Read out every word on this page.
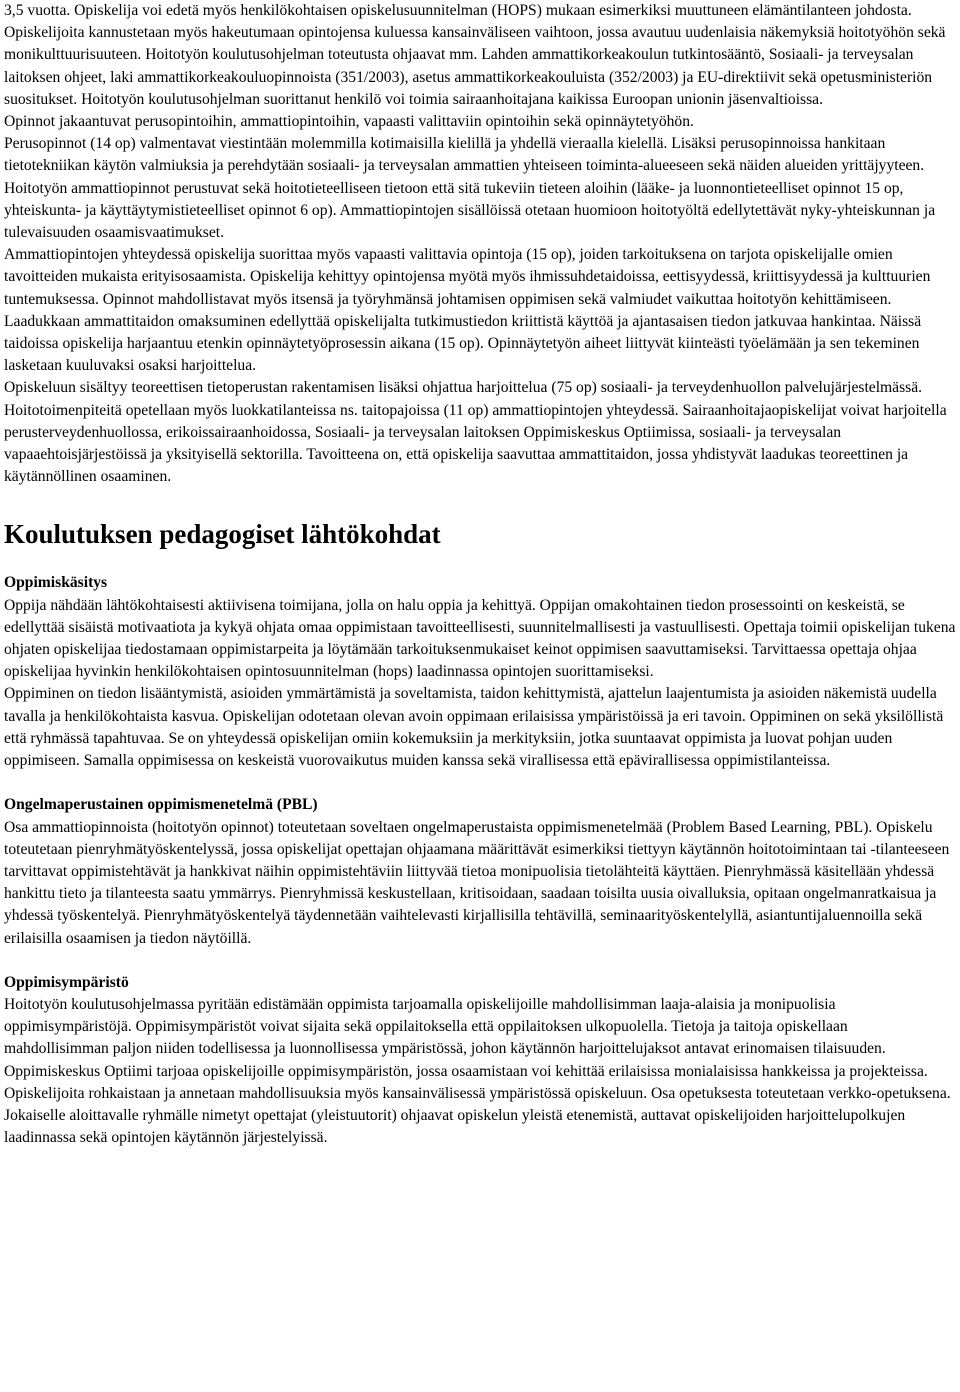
3,5 vuotta. Opiskelija voi edetä myös henkilökohtaisen opiskelusuunnitelman (HOPS) mukaan esimerkiksi muuttuneen elämäntilanteen johdosta. Opiskelijoita kannustetaan myös hakeutumaan opintojensa kuluessa kansainväliseen vaihtoon, jossa avautuu uudenlaisia näkemyksiä hoitotyöhön sekä monikulttuurisuuteen. Hoitotyön koulutusohjelman toteutusta ohjaavat mm. Lahden ammattikorkeakoulun tutkintosääntö, Sosiaali- ja terveysalan laitoksen ohjeet, laki ammattikorkeakouluopinnoista (351/2003), asetus ammattikorkeakouluista (352/2003) ja EU-direktiivit sekä opetusministeriön suositukset. Hoitotyön koulutusohjelman suorittanut henkilö voi toimia sairaanhoitajana kaikissa Euroopan unionin jäsenvaltioissa.

Opinnot jakaantuvat perusopintoihin, ammattiopintoihin, vapaasti valittaviin opintoihin sekä opinnäytetyöhön.

Perusopinnot (14 op) valmentavat viestintään molemmilla kotimaisilla kielillä ja yhdellä vieraalla kielellä. Lisäksi perusopinnoissa hankitaan tietotekniikan käytön valmiuksia ja perehdytään sosiaali- ja terveysalan ammattien yhteiseen toiminta-alueeseen sekä näiden alueiden yrittäjyyteen.

Hoitotyön ammattiopinnot perustuvat sekä hoitotieteelliseen tietoon että sitä tukeviin tieteen aloihin (lääke- ja luonnontieteelliset opinnot 15 op, yhteiskunta- ja käyttäytymistieteelliset opinnot 6 op). Ammattiopintojen sisällöissä otetaan huomioon hoitotyöltä edellytettävät nyky-yhteiskunnan ja tulevaisuuden osaamisvaatimukset.

Ammattiopintojen yhteydessä opiskelija suorittaa myös vapaasti valittavia opintoja (15 op), joiden tarkoituksena on tarjota opiskelijalle omien tavoitteiden mukaista erityisosaamista. Opiskelija kehittyy opintojensa myötä myös ihmissuhdetaidoissa, eettisyydessä, kriittisyydessä ja kulttuurien tuntemuksessa. Opinnot mahdollistavat myös itsensä ja työryhmänsä johtamisen oppimisen sekä valmiudet vaikuttaa hoitotyön kehittämiseen. Laadukkaan ammattitaidon omaksuminen edellyttää opiskelijalta tutkimustiedon kriittistä käyttöä ja ajantasaisen tiedon jatkuvaa hankintaa. Näissä taidoissa opiskelija harjaantuu etenkin opinnäytetyöprosessin aikana (15 op). Opinnäytetyön aiheet liittyvät kiinteästi työelämään ja sen tekeminen lasketaan kuuluvaksi osaksi harjoittelua.

Opiskeluun sisältyy teoreettisen tietoperustan rakentamisen lisäksi ohjattua harjoittelua (75 op) sosiaali- ja terveydenhuollon palvelujärjestelmässä. Hoitotoimenpiteitä opetellaan myös luokkatilanteissa ns. taitopajoissa (11 op) ammattiopintojen yhteydessä. Sairaanhoitajaopiskelijat voivat harjoitella perusterveydenhuollossa, erikoissairaanhoidossa, Sosiaali- ja terveysalan laitoksen Oppimiskeskus Optiimissa, sosiaali- ja terveysalan vapaaehtoisjärjestöissä ja yksityisellä sektorilla. Tavoitteena on, että opiskelija saavuttaa ammattitaidon, jossa yhdistyvät laadukas teoreettinen ja käytännöllinen osaaminen.

Koulutuksen pedagogiset lähtökohdat
Oppimiskäsitys

Oppija nähdään lähtökohtaisesti aktiivisena toimijana, jolla on halu oppia ja kehittyä. Oppijan omakohtainen tiedon prosessointi on keskeistä, se edellyttää sisäistä motivaatiota ja kykyä ohjata omaa oppimistaan tavoitteellisesti, suunnitelmallisesti ja vastuullisesti. Opettaja toimii opiskelijan tukena ohjaten opiskelijaa tiedostamaan oppimistarpeita ja löytämään tarkoituksenmukaiset keinot oppimisen saavuttamiseksi. Tarvittaessa opettaja ohjaa opiskelijaa hyvinkin henkilökohtaisen opintosuunnitelman (hops) laadinnassa opintojen suorittamiseksi.

Oppiminen on tiedon lisääntymistä, asioiden ymmärtämistä ja soveltamista, taidon kehittymistä, ajattelun laajentumista ja asioiden näkemistä uudella tavalla ja henkilökohtaista kasvua. Opiskelijan odotetaan olevan avoin oppimaan erilaisissa ympäristöissä ja eri tavoin. Oppiminen on sekä yksilöllistä että ryhmässä tapahtuvaa. Se on yhteydessä opiskelijan omiin kokemuksiin ja merkityksiin, jotka suuntaavat oppimista ja luovat pohjan uuden oppimiseen. Samalla oppimisessa on keskeistä vuorovaikutus muiden kanssa sekä virallisessa että epävirallisessa oppimistilanteissa.

Ongelmaperustainen oppimismenetelmä (PBL)

Osa ammattiopinnoista (hoitotyön opinnot) toteutetaan soveltaen ongelmaperustaista oppimismenetelmää (Problem Based Learning, PBL). Opiskelu toteutetaan pienryhmätyöskentelyssä, jossa opiskelijat opettajan ohjaamana määrittävät esimerkiksi tiettyyn käytännön hoitotoimintaan tai -tilanteeseen tarvittavat oppimistehtävät ja hankkivat näihin oppimistehtäviin liittyvää tietoa monipuolisia tietolähteitä käyttäen. Pienryhmässä käsitellään yhdessä hankittu tieto ja tilanteesta saatu ymmärrys. Pienryhmissä keskustellaan, kritisoidaan, saadaan toisilta uusia oivalluksia, opitaan ongelmanratkaisua ja yhdessä työskentelyä. Pienryhmätyöskentelyä täydennetään vaihtelevasti kirjallisilla tehtävillä, seminaarityöskentelyllä, asiantuntijaluennoilla sekä erilaisilla osaamisen ja tiedon näytöillä.

Oppimisympäristö

Hoitotyön koulutusohjelmassa pyritään edistämään oppimista tarjoamalla opiskelijoille mahdollisimman laaja-alaisia ja monipuolisia oppimisympäristöjä. Oppimisympäristöt voivat sijaita sekä oppilaitoksella että oppilaitoksen ulkopuolella. Tietoja ja taitoja opiskellaan mahdollisimman paljon niiden todellisessa ja luonnollisessa ympäristössä, johon käytännön harjoittelujaksot antavat erinomaisen tilaisuuden. Oppimiskeskus Optiimi tarjoaa opiskelijoille oppimisympäristön, jossa osaamistaan voi kehittää erilaisissa monialaisissa hankkeissa ja projekteissa. Opiskelijoita rohkaistaan ja annetaan mahdollisuuksia myös kansainvälisessä ympäristössä opiskeluun. Osa opetuksesta toteutetaan verkko-opetuksena. Jokaiselle aloittavalle ryhmälle nimetyt opettajat (yleistuutorit) ohjaavat opiskelun yleistä etenemistä, auttavat opiskelijoiden harjoittelupolkujen laadinnassa sekä opintojen käytännön järjestelyissä.
